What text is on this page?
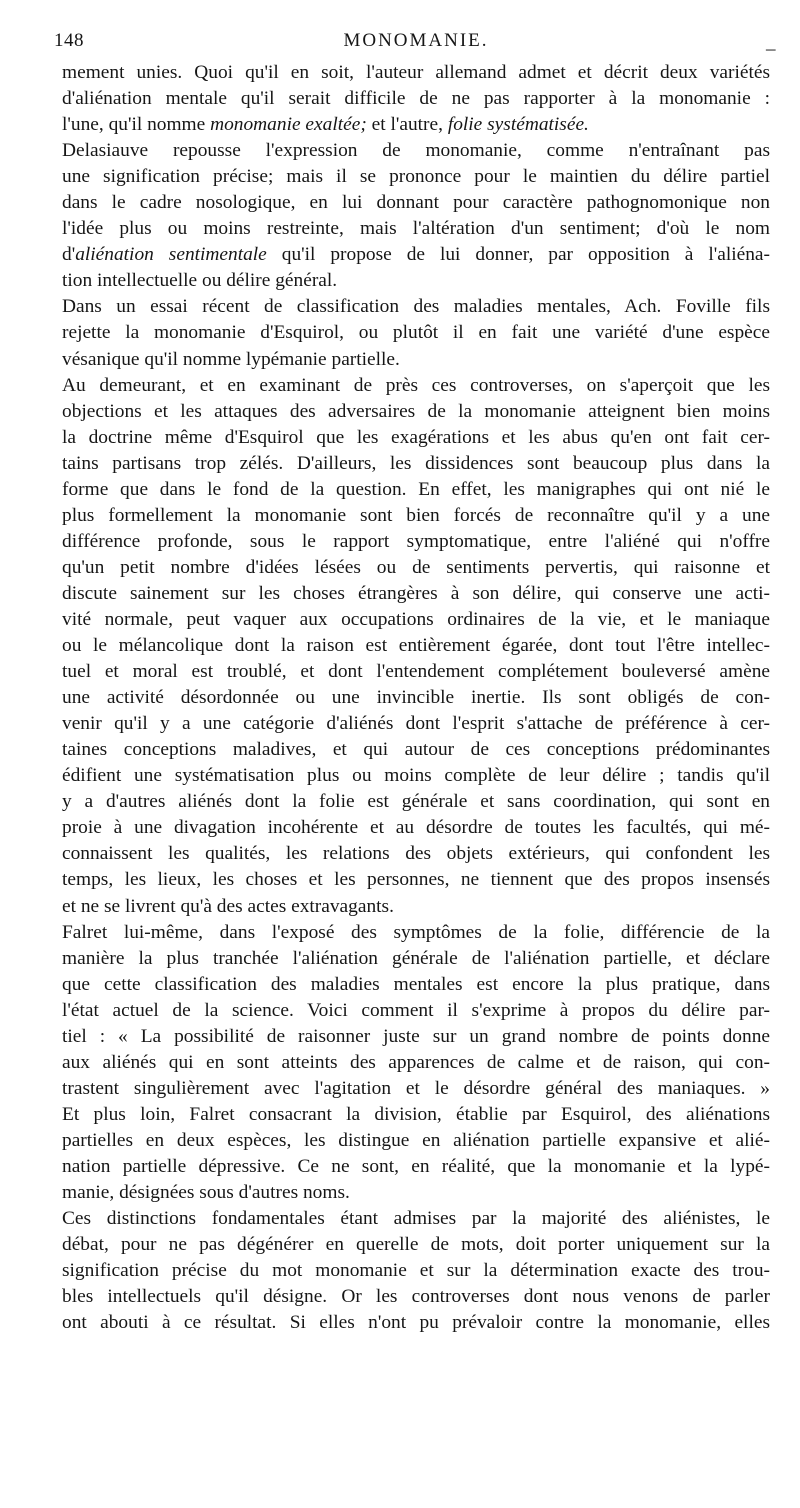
148	MONOMANIE.	_
mement unies. Quoi qu'il en soit, l'auteur allemand admet et décrit deux variétés
d'aliénation mentale qu'il serait difficile de ne pas rapporter à la monomanie :
l'une, qu'il nomme monomanie exaltée; et l'autre, folie systématisée.
Delasiauve repousse l'expression de monomanie, comme n'entraînant pas
une signification précise; mais il se prononce pour le maintien du délire partiel
dans le cadre nosologique, en lui donnant pour caractère pathognomonique non
l'idée plus ou moins restreinte, mais l'altération d'un sentiment; d'où le nom
d'aliénation sentimentale qu'il propose de lui donner, par opposition à l'aliéna-
tion intellectuelle ou délire général.
Dans un essai récent de classification des maladies mentales, Ach. Foville fils
rejette la monomanie d'Esquirol, ou plutôt il en fait une variété d'une espèce
vésanique qu'il nomme lypémanie partielle.
Au demeurant, et en examinant de près ces controverses, on s'aperçoit que les
objections et les attaques des adversaires de la monomanie atteignent bien moins
la doctrine même d'Esquirol que les exagérations et les abus qu'en ont fait cer-
tains partisans trop zélés. D'ailleurs, les dissidences sont beaucoup plus dans la
forme que dans le fond de la question. En effet, les manigraphes qui ont nié le
plus formellement la monomanie sont bien forcés de reconnaître qu'il y a une
différence profonde, sous le rapport symptomatique, entre l'aliéné qui n'offre
qu'un petit nombre d'idées lésées ou de sentiments pervertis, qui raisonne et
discute sainement sur les choses étrangères à son délire, qui conserve une acti-
vité normale, peut vaquer aux occupations ordinaires de la vie, et le maniaque
ou le mélancolique dont la raison est entièrement égarée, dont tout l'être intellec-
tuel et moral est troublé, et dont l'entendement complétement bouleversé amène
une activité désordonnée ou une invincible inertie. Ils sont obligés de con-
venir qu'il y a une catégorie d'aliénés dont l'esprit s'attache de préférence à cer-
taines conceptions maladives, et qui autour de ces conceptions prédominantes
édifient une systématisation plus ou moins complète de leur délire ; tandis qu'il
y a d'autres aliénés dont la folie est générale et sans coordination, qui sont en
proie à une divagation incohérente et au désordre de toutes les facultés, qui mé-
connaissent les qualités, les relations des objets extérieurs, qui confondent les
temps, les lieux, les choses et les personnes, ne tiennent que des propos insensés
et ne se livrent qu'à des actes extravagants.
Falret lui-même, dans l'exposé des symptômes de la folie, différencie de la
manière la plus tranchée l'aliénation générale de l'aliénation partielle, et déclare
que cette classification des maladies mentales est encore la plus pratique, dans
l'état actuel de la science. Voici comment il s'exprime à propos du délire par-
tiel : « La possibilité de raisonner juste sur un grand nombre de points donne
aux aliénés qui en sont atteints des apparences de calme et de raison, qui con-
trastent singulièrement avec l'agitation et le désordre général des maniaques. »
Et plus loin, Falret consacrant la division, établie par Esquirol, des aliénations
partielles en deux espèces, les distingue en aliénation partielle expansive et alié-
nation partielle dépressive. Ce ne sont, en réalité, que la monomanie et la lypé-
manie, désignées sous d'autres noms.
Ces distinctions fondamentales étant admises par la majorité des aliénistes, le
débat, pour ne pas dégénérer en querelle de mots, doit porter uniquement sur la
signification précise du mot monomanie et sur la détermination exacte des trou-
bles intellectuels qu'il désigne. Or les controverses dont nous venons de parler
ont abouti à ce résultat. Si elles n'ont pu prévaloir contre la monomanie, elles
